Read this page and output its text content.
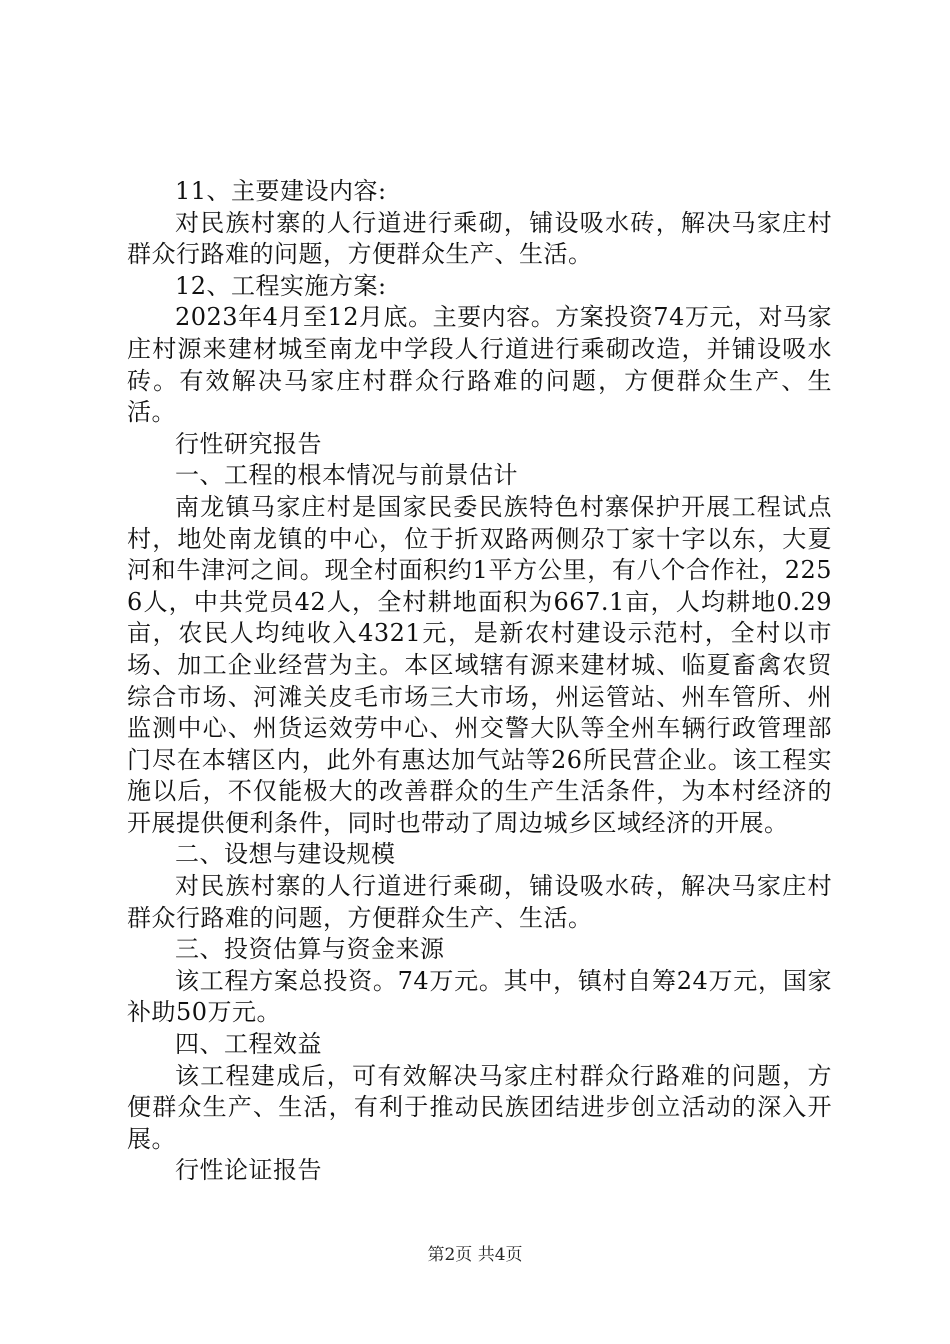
11、主要建设内容:

对民族村寨的人行道进行乘砌，铺设吸水砖，解决马家庄村群众行路难的问题，方便群众生产、生活。

12、工程实施方案:

2023年4月至12月底。主要内容。方案投资74万元，对马家庄村源来建材城至南龙中学段人行道进行乘砌改造，并铺设吸水砖。有效解决马家庄村群众行路难的问题，方便群众生产、生活。

行性研究报告

一、工程的根本情况与前景估计

南龙镇马家庄村是国家民委民族特色村寨保护开展工程试点村，地处南龙镇的中心，位于折双路两侧尕丁家十字以东，大夏河和牛津河之间。现全村面积约1平方公里，有八个合作社，2256人，中共党员42人，全村耕地面积为667.1亩，人均耕地0.29亩，农民人均纯收入4321元，是新农村建设示范村，全村以市场、加工企业经营为主。本区域辖有源来建材城、临夏畜禽农贸综合市场、河滩关皮毛市场三大市场，州运管站、州车管所、州监测中心、州货运效劳中心、州交警大队等全州车辆行政管理部门尽在本辖区内，此外有惠达加气站等26所民营企业。该工程实施以后，不仅能极大的改善群众的生产生活条件，为本村经济的开展提供便利条件，同时也带动了周边城乡区域经济的开展。

二、设想与建设规模

对民族村寨的人行道进行乘砌，铺设吸水砖，解决马家庄村群众行路难的问题，方便群众生产、生活。

三、投资估算与资金来源

该工程方案总投资。74万元。其中，镇村自筹24万元，国家补助50万元。

四、工程效益

该工程建成后，可有效解决马家庄村群众行路难的问题，方便群众生产、生活，有利于推动民族团结进步创立活动的深入开展。

行性论证报告

第2页 共4页
